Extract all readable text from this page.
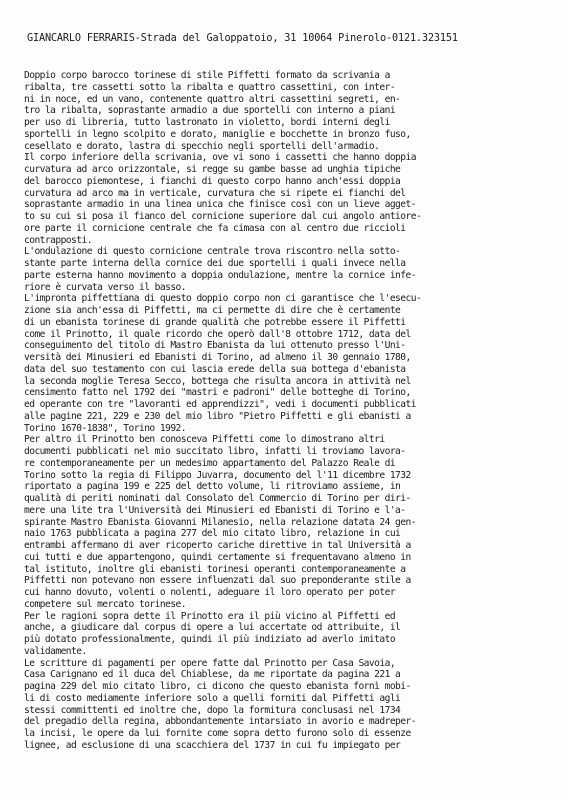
GIANCARLO FERRARIS-Strada del Galoppatoio, 31 10064 Pinerolo-0121.323151
Doppio corpo barocco torinese di stile Piffetti formato da scrivania a
ribalta, tre cassetti sotto la ribalta e quattro cassettini, con inter-
ni in noce, ed un vano, contenente quattro altri cassettini segreti, en-
tro la ribalta, soprastante armadio a due sportelli con interno a piani
per uso di libreria, tutto lastronato in violetto, bordi interni degli
sportelli in legno scolpito e dorato, maniglie e bocchette in bronzo fuso,
cesellato e dorato, lastra di specchio negli sportelli dell'armadio.
Il corpo inferiore della scrivania, ove vi sono i cassetti che hanno doppia
curvatura ad arco orizzontale, si regge su gambe basse ad unghia tipiche
del barocco piemontese, i fianchi di questo corpo hanno anch'essi doppia
curvatura ad arco ma in verticale, curvatura che si ripete ei fianchi del
soprastante armadio in una linea unica che finisce così con un lieve agget-
to su cui si posa il fianco del cornicione superiore dal cui angolo antiore-
ore parte il cornicione centrale che fa cimasa con al centro due riccioli
contrapposti.
L'ondulazione di questo cornicione centrale trova riscontro nella sotto-
stante parte interna della cornice dei due sportelli i quali invece nella
parte esterna hanno movimento a doppia ondulazione, mentre la cornice infe-
riore è curvata verso il basso.
L'impronta piffettiana di questo doppio corpo non ci garantisce che l'esecu-
zione sia anch'essa di Piffetti, ma ci permette di dire che è certamente
di un ebanista torinese di grande qualità che potrebbe essere il Piffetti
come il Prinotto, il quale ricordo che operò dall'8 ottobre 1712, data del
conseguimento del titolo di Mastro Ebanista da lui ottenuto presso l'Uni-
versità dei Minusieri ed Ebanisti di Torino, ad almeno il 30 gennaio 1780,
data del suo testamento con cui lascia erede della sua bottega d'ebanista
la seconda moglie Teresa Secco, bottega che risulta ancora in attività nel
censimento fatto nel 1792 dei "mastri e padroni" delle botteghe di Torino,
ed operante con tre "lavoranti ed apprendizzi", vedi i documenti pubblicati
alle pagine 221, 229 e 230 del mio libro "Pietro Piffetti e gli ebanisti a
Torino 1670-1838", Torino 1992.
Per altro il Prinotto ben conosceva Piffetti come lo dimostrano altri
documenti pubblicati nel mio succitato libro, infatti li troviamo lavora-
re contemporaneamente per un medesimo appartamento del Palazzo Reale di
Torino sotto la regia di Filippo Juvarra, documento del l'11 dicembre 1732
riportato a pagina 199 e 225 del detto volume, li ritroviamo assieme, in
qualità di periti nominati dal Consolato del Commercio di Torino per diri-
mere una lite tra l'Università dei Minusieri ed Ebanisti di Torino e l'a-
spirante Mastro Ebanista Giovanni Milanesio, nella relazione datata 24 gen-
naio 1763 pubblicata a pagina 277 del mio citato libro, relazione in cui
entrambi affermano di aver ricoperto cariche direttive in tal Università a
cui tutti e due appartengono, quindi certamente si frequentavano almeno in
tal istituto, inoltre gli ebanisti torinesi operanti contemporaneamente a
Piffetti non potevano non essere influenzati dal suo preponderante stile a
cui hanno dovuto, volenti o nolenti, adeguare il loro operato per poter
competere sul mercato torinese.
Per le ragioni sopra dette il Prinotto era il più vicino al Piffetti ed
anche, a giudicare dal corpus di opere a lui accertate od attribuite, il
più dotato professionalmente, quindi il più indiziato ad averlo imitato
validamente.
Le scritture di pagamenti per opere fatte dal Prinotto per Casa Savoia,
Casa Carignano ed il duca del Chiablese, da me riportate da pagina 221 a
pagina 229 del mio citato libro, ci dicono che questo ebanista fornì mobi-
li di costo mediamente inferiore solo a quelli forniti dal Piffetti agli
stessi committenti ed inoltre che, dopo la formitura conclusasi nel 1734
del pregadio della regina, abbondantemente intarsiato in avorio e madreper-
la incisi, le opere da lui fornite come sopra detto furono solo di essenze
lignee, ad esclusione di una scacchiera del 1737 in cui fu impiegato per
